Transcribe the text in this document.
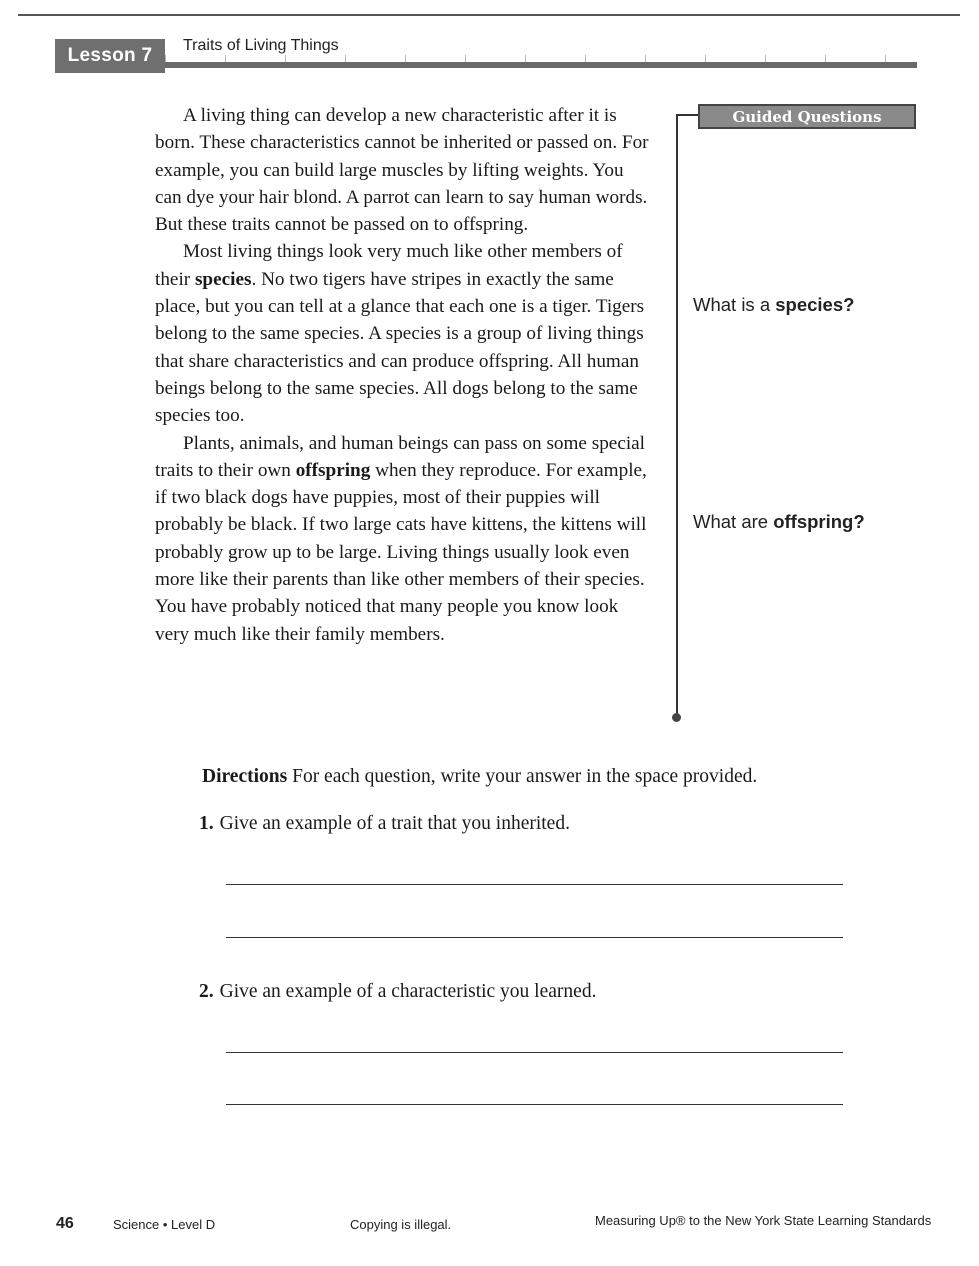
Lesson 7	Traits of Living Things

A living thing can develop a new characteristic after it is born. These characteristics cannot be inherited or passed on. For example, you can build large muscles by lifting weights. You can dye your hair blond. A parrot can learn to say human words. But these traits cannot be passed on to offspring.

Most living things look very much like other members of their species. No two tigers have stripes in exactly the same place, but you can tell at a glance that each one is a tiger. Tigers belong to the same species. A species is a group of living things that share characteristics and can produce offspring. All human beings belong to the same species. All dogs belong to the same species too.

Plants, animals, and human beings can pass on some special traits to their own offspring when they reproduce. For example, if two black dogs have puppies, most of their puppies will probably be black. If two large cats have kittens, the kittens will probably grow up to be large. Living things usually look even more like their parents than like other members of their species. You have probably noticed that many people you know look very much like their family members.

Guided Questions
What is a species?
What are offspring?
Directions For each question, write your answer in the space provided.
1. Give an example of a trait that you inherited.
2. Give an example of a characteristic you learned.
46	Science • Level D	Copying is illegal.	Measuring Up® to the New York State Learning Standards
